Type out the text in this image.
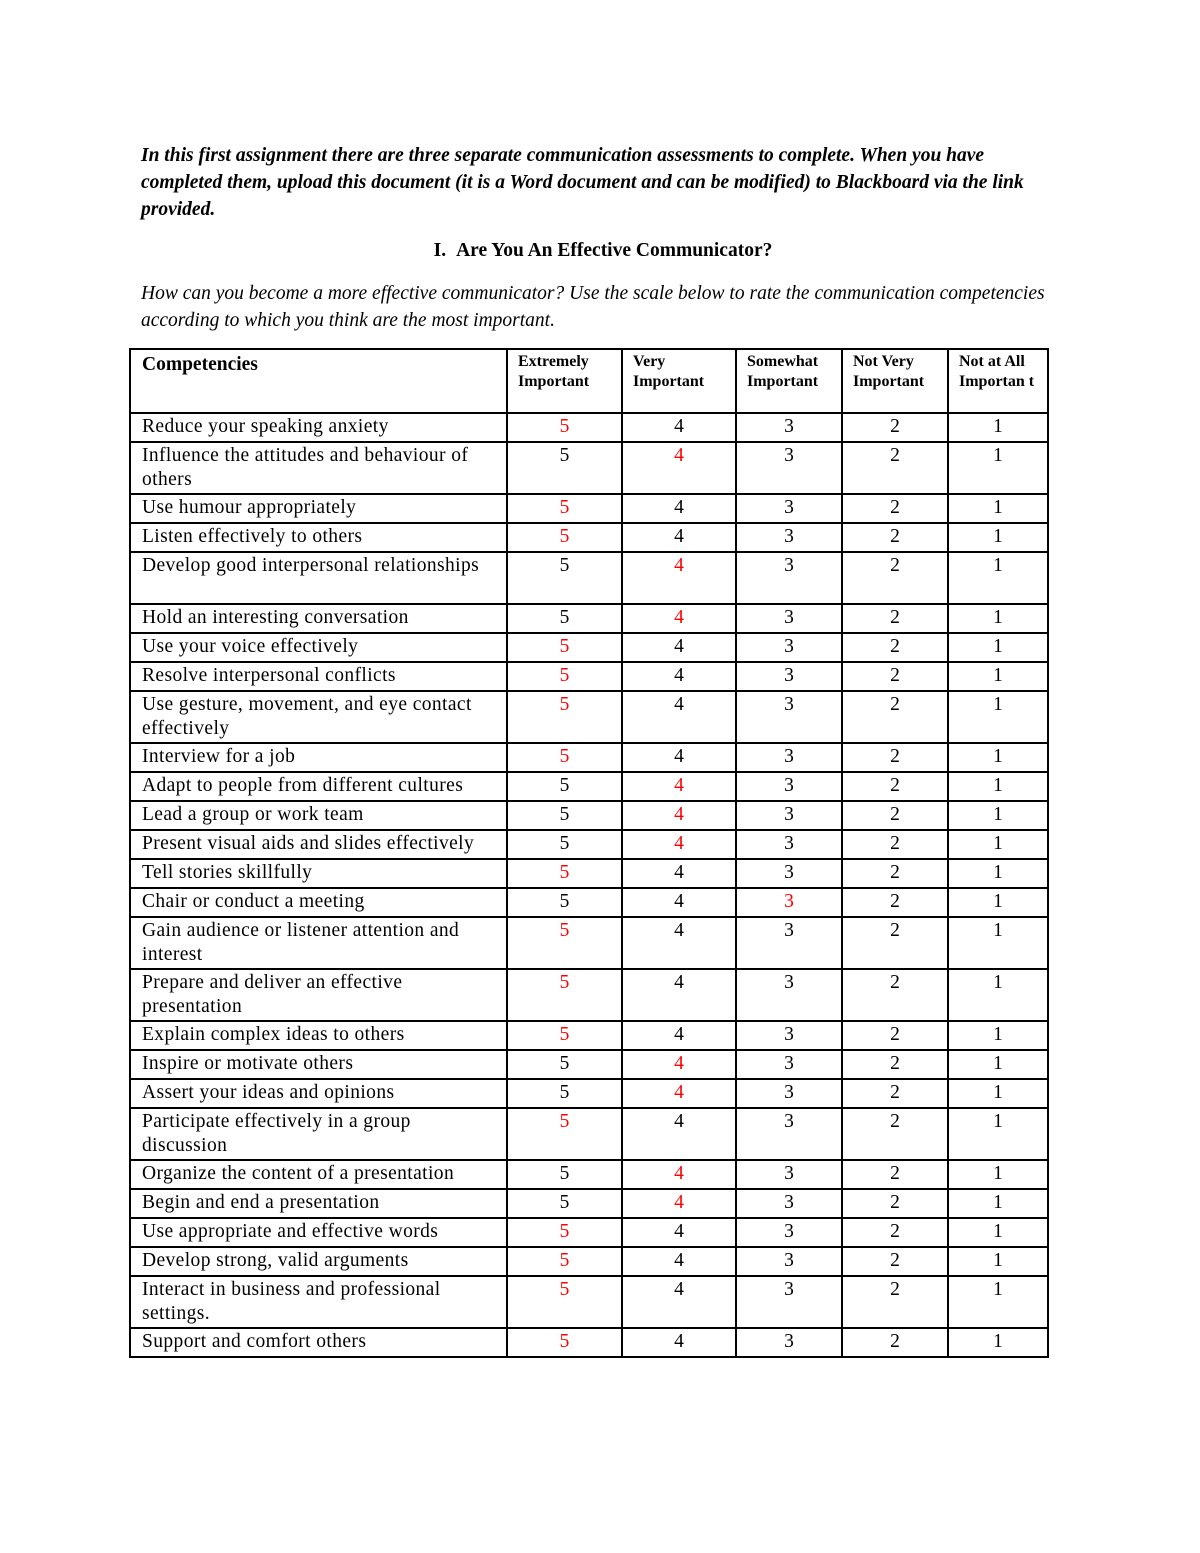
In this first assignment there are three separate communication assessments to complete. When you have completed them, upload this document (it is a Word document and can be modified) to Blackboard via the link provided.

I. Are You An Effective Communicator?

How can you become a more effective communicator? Use the scale below to rate the communication competencies according to which you think are the most important.

Competencies	Extremely Important	Very Important	Somewhat Important	Not Very Important	Not at All Importan t
Reduce your speaking anxiety	5	4	3	2	1
Influence the attitudes and behaviour of others	5	4	3	2	1
Use humour appropriately	5	4	3	2	1
Listen effectively to others	5	4	3	2	1
Develop good interpersonal relationships	5	4	3	2	1
Hold an interesting conversation	5	4	3	2	1
Use your voice effectively	5	4	3	2	1
Resolve interpersonal conflicts	5	4	3	2	1
Use gesture, movement, and eye contact effectively	5	4	3	2	1
Interview for a job	5	4	3	2	1
Adapt to people from different cultures	5	4	3	2	1
Lead a group or work team	5	4	3	2	1
Present visual aids and slides effectively	5	4	3	2	1
Tell stories skillfully	5	4	3	2	1
Chair or conduct a meeting	5	4	3	2	1
Gain audience or listener attention and interest	5	4	3	2	1
Prepare and deliver an effective presentation	5	4	3	2	1
Explain complex ideas to others	5	4	3	2	1
Inspire or motivate others	5	4	3	2	1
Assert your ideas and opinions	5	4	3	2	1
Participate effectively in a group discussion	5	4	3	2	1
Organize the content of a presentation	5	4	3	2	1
Begin and end a presentation	5	4	3	2	1
Use appropriate and effective words	5	4	3	2	1
Develop strong, valid arguments	5	4	3	2	1
Interact in business and professional settings.	5	4	3	2	1
Support and comfort others	5	4	3	2	1
